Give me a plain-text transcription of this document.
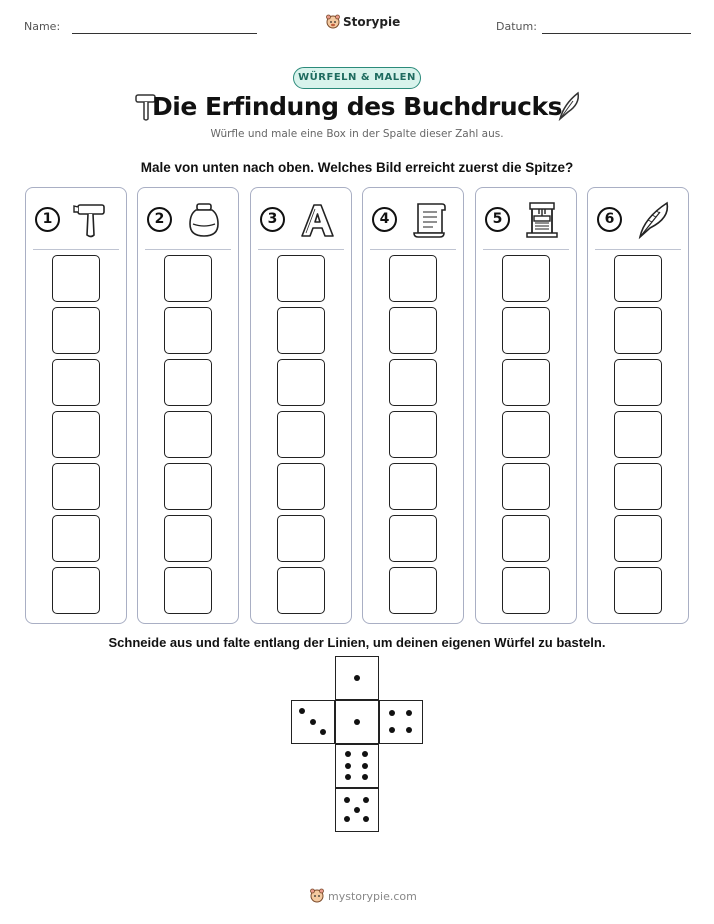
Name:	Storypie	Datum:
WÜRFELN & MALEN
Die Erfindung des Buchdrucks
Würfle und male eine Box in der Spalte dieser Zahl aus.
Male von unten nach oben. Welches Bild erreicht zuerst die Spitze?
1	2	3	4	5	6
Schneide aus und falte entlang der Linien, um deinen eigenen Würfel zu basteln.
mystorypie.com
